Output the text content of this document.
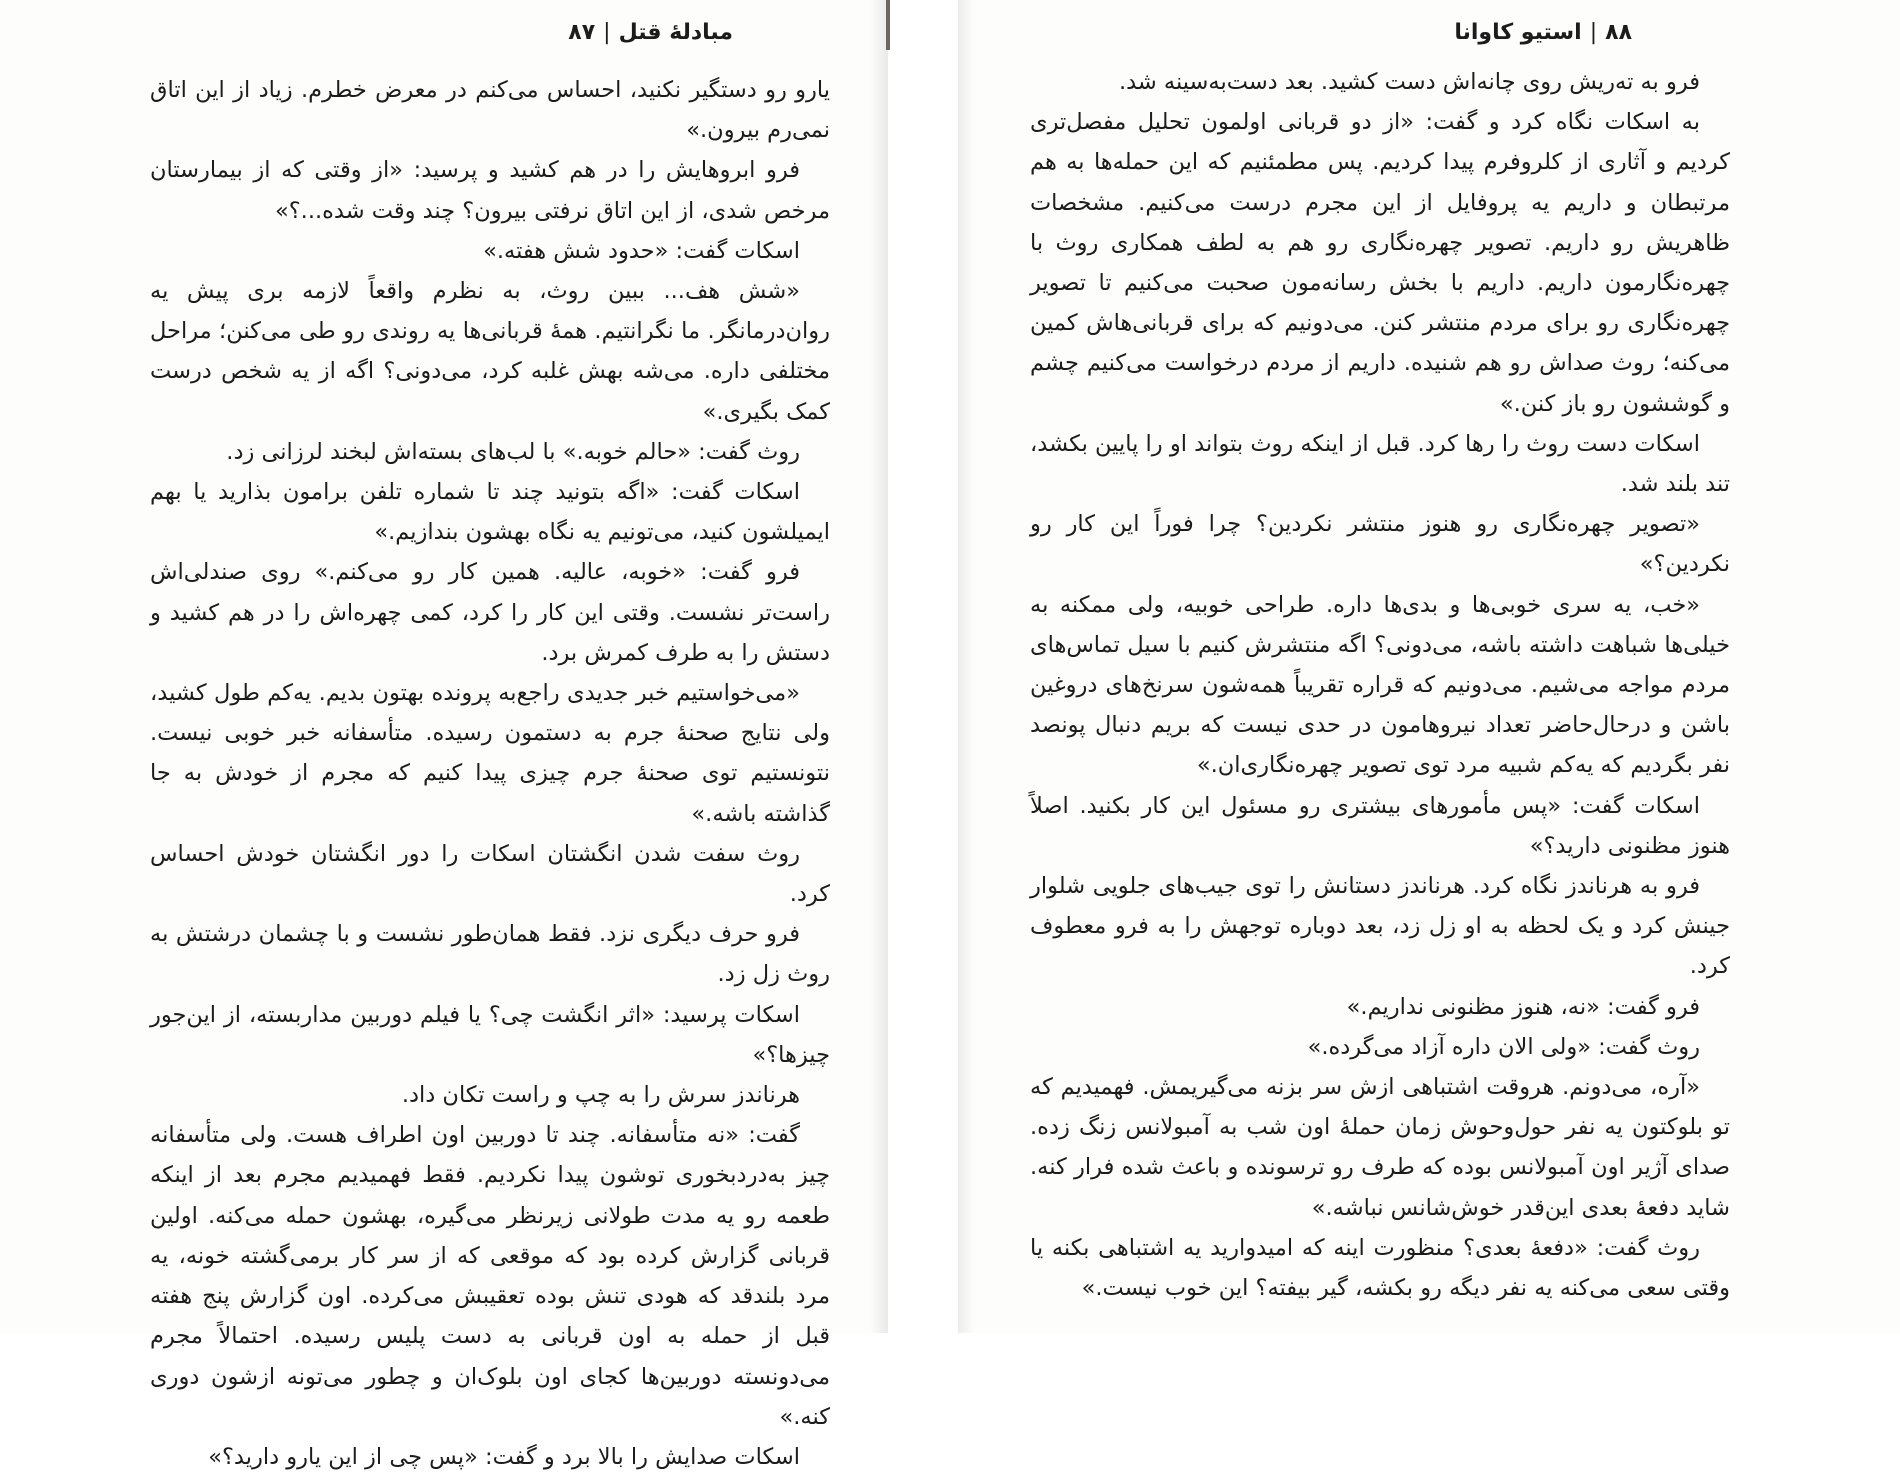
مبادلهٔ قتل|۸۷

یارو رو دستگیر نکنید، احساس می‌کنم در معرض خطرم. زیاد از این اتاق نمی‌رم بیرون.»

فرو ابروهایش را در هم کشید و پرسید: «از وقتی که از بیمارستان مرخص شدی، از این اتاق نرفتی بیرون؟ چند وقت شده...؟»

اسکات گفت: «حدود شش هفته.»

«شش هف... ببین روث، به نظرم واقعاً لازمه بری پیش یه روان‌درمانگر. ما نگرانتیم. همهٔ قربانی‌ها یه روندی رو طی می‌کنن؛ مراحل مختلفی داره. می‌شه بهش غلبه کرد، می‌دونی؟ اگه از یه شخص درست کمک بگیری.»

روث گفت: «حالم خوبه.» با لب‌های بسته‌اش لبخند لرزانی زد.

اسکات گفت: «اگه بتونید چند تا شماره تلفن برامون بذارید یا بهم ایمیلشون کنید، می‌تونیم یه نگاه بهشون بندازیم.»

فرو گفت: «خوبه، عالیه. همین کار رو می‌کنم.» روی صندلی‌اش راست‌تر نشست. وقتی این کار را کرد، کمی چهره‌اش را در هم کشید و دستش را به طرف کمرش برد.

«می‌خواستیم خبر جدیدی راجع‌به پرونده بهتون بدیم. یه‌کم طول کشید، ولی نتایج صحنهٔ جرم به دستمون رسیده. متأسفانه خبر خوبی نیست. نتونستیم توی صحنهٔ جرم چیزی پیدا کنیم که مجرم از خودش به جا گذاشته باشه.»

روث سفت شدن انگشتان اسکات را دور انگشتان خودش احساس کرد.

فرو حرف دیگری نزد. فقط همان‌طور نشست و با چشمان درشتش به روث زل زد.

اسکات پرسید: «اثر انگشت چی؟ یا فیلم دوربین مداربسته، از این‌جور چیزها؟»

هرناندز سرش را به چپ و راست تکان داد.

گفت: «نه متأسفانه. چند تا دوربین اون اطراف هست. ولی متأسفانه چیز به‌دردبخوری توشون پیدا نکردیم. فقط فهمیدیم مجرم بعد از اینکه طعمه رو یه مدت طولانی زیرنظر می‌گیره، بهشون حمله می‌کنه. اولین قربانی گزارش کرده بود که موقعی که از سر کار برمی‌گشته خونه، یه مرد بلندقد که هودی تنش بوده تعقیبش می‌کرده. اون گزارش پنج هفته قبل از حمله به اون قربانی به دست پلیس رسیده. احتمالاً مجرم می‌دونسته دوربین‌ها کجای اون بلوک‌ان و چطور می‌تونه ازشون دوری کنه.»

اسکات صدایش را بالا برد و گفت: «پس چی از این یارو دارید؟»

۸۸|استیو کاوانا

فرو به ته‌ریش روی چانه‌اش دست کشید. بعد دست‌به‌سینه شد.

به اسکات نگاه کرد و گفت: «از دو قربانی اولمون تحلیل مفصل‌تری کردیم و آثاری از کلروفرم پیدا کردیم. پس مطمئنیم که این حمله‌ها به هم مرتبطان و داریم یه پروفایل از این مجرم درست می‌کنیم. مشخصات ظاهریش رو داریم. تصویر چهره‌نگاری رو هم به لطف همکاری روث با چهره‌نگارمون داریم. داریم با بخش رسانه‌مون صحبت می‌کنیم تا تصویر چهره‌نگاری رو برای مردم منتشر کنن. می‌دونیم که برای قربانی‌هاش کمین می‌کنه؛ روث صداش رو هم شنیده. داریم از مردم درخواست می‌کنیم چشم و گوششون رو باز کنن.»

اسکات دست روث را رها کرد. قبل از اینکه روث بتواند او را پایین بکشد، تند بلند شد.

«تصویر چهره‌نگاری رو هنوز منتشر نکردین؟ چرا فوراً این کار رو نکردین؟»

«خب، یه سری خوبی‌ها و بدی‌ها داره. طراحی خوبیه، ولی ممکنه به خیلی‌ها شباهت داشته باشه، می‌دونی؟ اگه منتشرش کنیم با سیل تماس‌های مردم مواجه می‌شیم. می‌دونیم که قراره تقریباً همه‌شون سرنخ‌های دروغین باشن و درحال‌حاضر تعداد نیروهامون در حدی نیست که بریم دنبال پونصد نفر بگردیم که یه‌کم شبیه مرد توی تصویر چهره‌نگاری‌ان.»

اسکات گفت: «پس مأمورهای بیشتری رو مسئول این کار بکنید. اصلاً هنوز مظنونی دارید؟»

فرو به هرناندز نگاه کرد. هرناندز دستانش را توی جیب‌های جلویی شلوار جینش کرد و یک لحظه به او زل زد، بعد دوباره توجهش را به فرو معطوف کرد.

فرو گفت: «نه، هنوز مظنونی نداریم.»

روث گفت: «ولی الان داره آزاد می‌گرده.»

«آره، می‌دونم. هروقت اشتباهی ازش سر بزنه می‌گیریمش. فهمیدیم که تو بلوکتون یه نفر حول‌وحوش زمان حملهٔ اون شب به آمبولانس زنگ زده. صدای آژیر اون آمبولانس بوده که طرف رو ترسونده و باعث شده فرار کنه. شاید دفعهٔ بعدی این‌قدر خوش‌شانس نباشه.»

روث گفت: «دفعهٔ بعدی؟ منظورت اینه که امیدوارید یه اشتباهی بکنه یا وقتی سعی می‌کنه یه نفر دیگه رو بکشه، گیر بیفته؟ این خوب نیست.»
